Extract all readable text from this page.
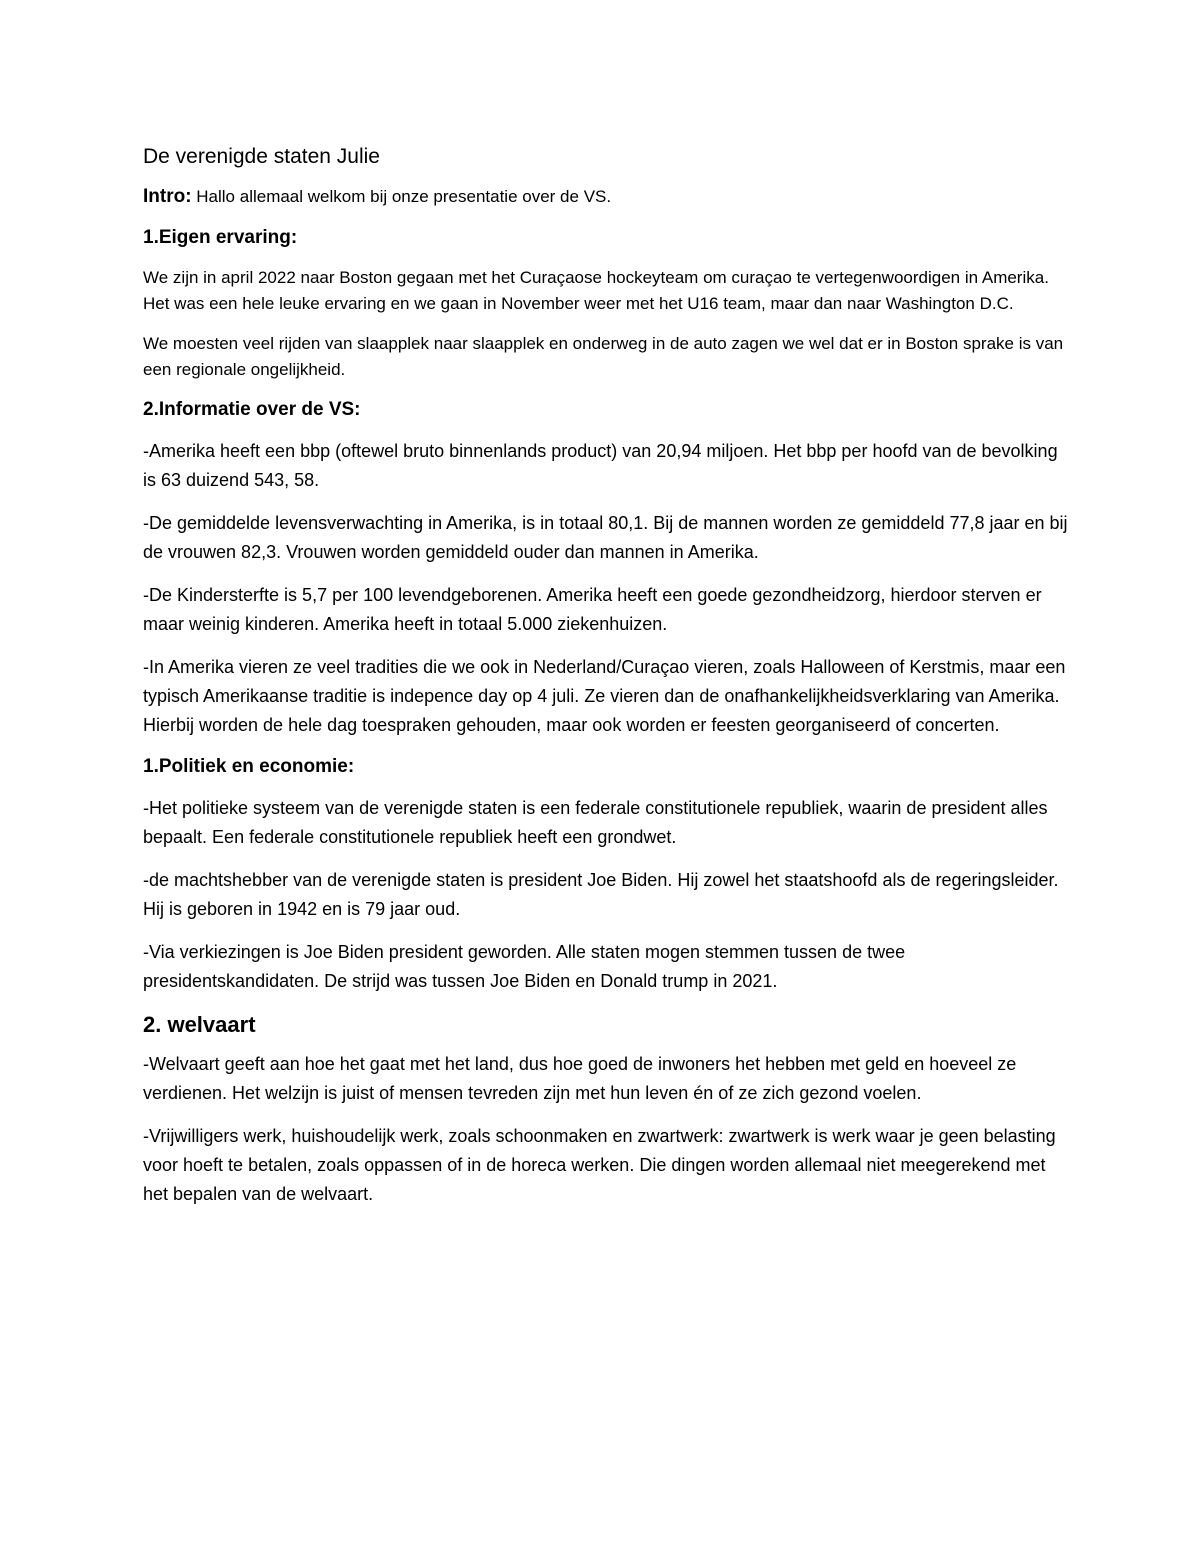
De verenigde staten Julie

Intro: Hallo allemaal welkom bij onze presentatie over de VS.

1.Eigen ervaring:

We zijn in april 2022 naar Boston gegaan met het Curaçaose hockeyteam om curaçao te vertegenwoordigen in Amerika. Het was een hele leuke ervaring en we gaan in November weer met het U16 team, maar dan naar Washington D.C.

We moesten veel rijden van slaapplek naar slaapplek en onderweg in de auto zagen we wel dat er in Boston sprake is van een regionale ongelijkheid.

2.Informatie over de VS:

-Amerika heeft een bbp (oftewel bruto binnenlands product) van 20,94 miljoen. Het bbp per hoofd van de bevolking is 63 duizend 543, 58.

-De gemiddelde levensverwachting in Amerika, is in totaal 80,1. Bij de mannen worden ze gemiddeld 77,8 jaar en bij de vrouwen 82,3. Vrouwen worden gemiddeld ouder dan mannen in Amerika.

-De Kindersterfte is 5,7 per 100 levendgeborenen. Amerika heeft een goede gezondheidzorg, hierdoor sterven er maar weinig kinderen. Amerika heeft in totaal 5.000 ziekenhuizen.

-In Amerika vieren ze veel tradities die we ook in Nederland/Curaçao vieren, zoals Halloween of Kerstmis, maar een typisch Amerikaanse traditie is indepence day op 4 juli. Ze vieren dan de onafhankelijkheidsverklaring van Amerika. Hierbij worden de hele dag toespraken gehouden, maar ook worden er feesten georganiseerd of concerten.

1.Politiek en economie:

-Het politieke systeem van de verenigde staten is een federale constitutionele republiek, waarin de president alles bepaalt. Een federale constitutionele republiek heeft een grondwet.

-de machtshebber van de verenigde staten is president Joe Biden. Hij zowel het staatshoofd als de regeringsleider. Hij is geboren in 1942 en is 79 jaar oud.

-Via verkiezingen is Joe Biden president geworden. Alle staten mogen stemmen tussen de twee presidentskandidaten. De strijd was tussen Joe Biden en Donald trump in 2021.

2. welvaart

-Welvaart geeft aan hoe het gaat met het land, dus hoe goed de inwoners het hebben met geld en hoeveel ze verdienen. Het welzijn is juist of mensen tevreden zijn met hun leven én of ze zich gezond voelen.

-Vrijwilligers werk, huishoudelijk werk, zoals schoonmaken en zwartwerk: zwartwerk is werk waar je geen belasting voor hoeft te betalen, zoals oppassen of in de horeca werken. Die dingen worden allemaal niet meegerekend met het bepalen van de welvaart.
